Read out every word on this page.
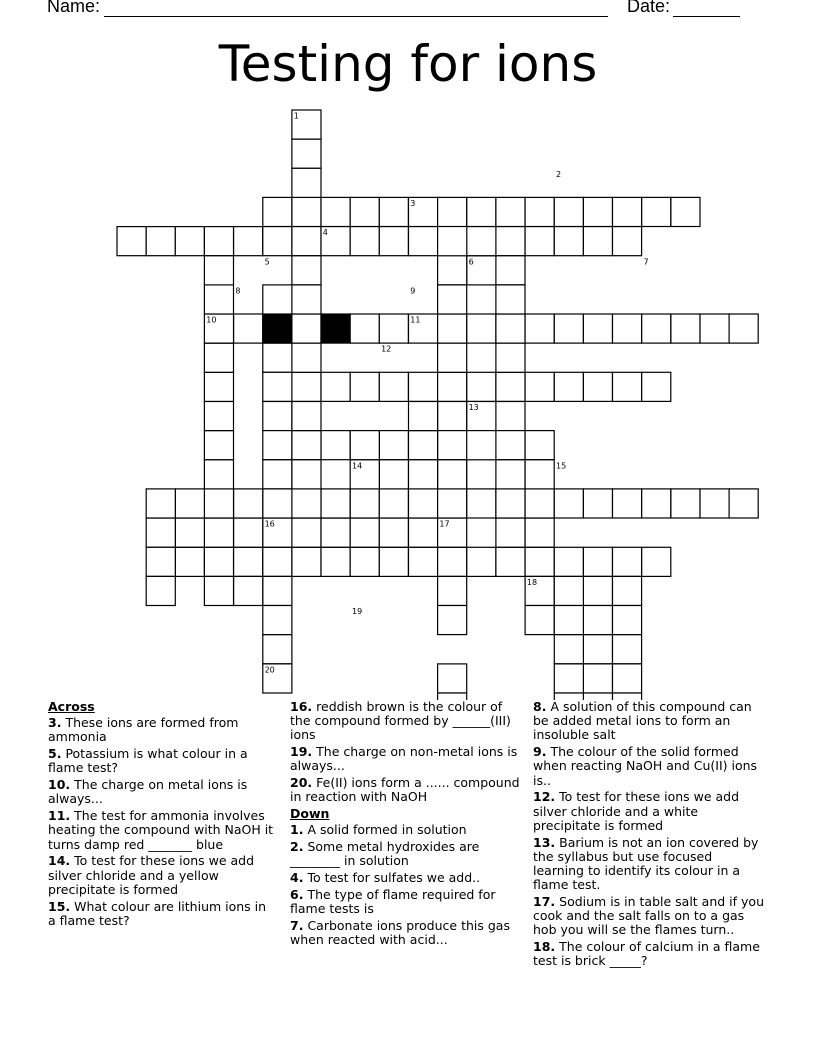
Name:	Date:
Testing for ions
1
2
3
4
5	6	7
8	9
10	11
12
13
14	15
16	17
18
19
20
Across
3. These ions are formed from ammonia
5. Potassium is what colour in a flame test?
10. The charge on metal ions is always...
11. The test for ammonia involves heating the compound with NaOH it turns damp red _______ blue
14. To test for these ions we add silver chloride and a yellow precipitate is formed
15. What colour are lithium ions in a flame test?
16. reddish brown is the colour of the compound formed by ______(III) ions
19. The charge on non-metal ions is always...
20. Fe(II) ions form a ...... compound in reaction with NaOH
Down
1. A solid formed in solution
2. Some metal hydroxides are ________ in solution
4. To test for sulfates we add..
6. The type of flame required for flame tests is
7. Carbonate ions produce this gas when reacted with acid...
8. A solution of this compound can be added metal ions to form an insoluble salt
9. The colour of the solid formed when reacting NaOH and Cu(II) ions is..
12. To test for these ions we add silver chloride and a white precipitate is formed
13. Barium is not an ion covered by the syllabus but use focused learning to identify its colour in a flame test.
17. Sodium is in table salt and if you cook and the salt falls on to a gas hob you will se the flames turn..
18. The colour of calcium in a flame test is brick _____?
